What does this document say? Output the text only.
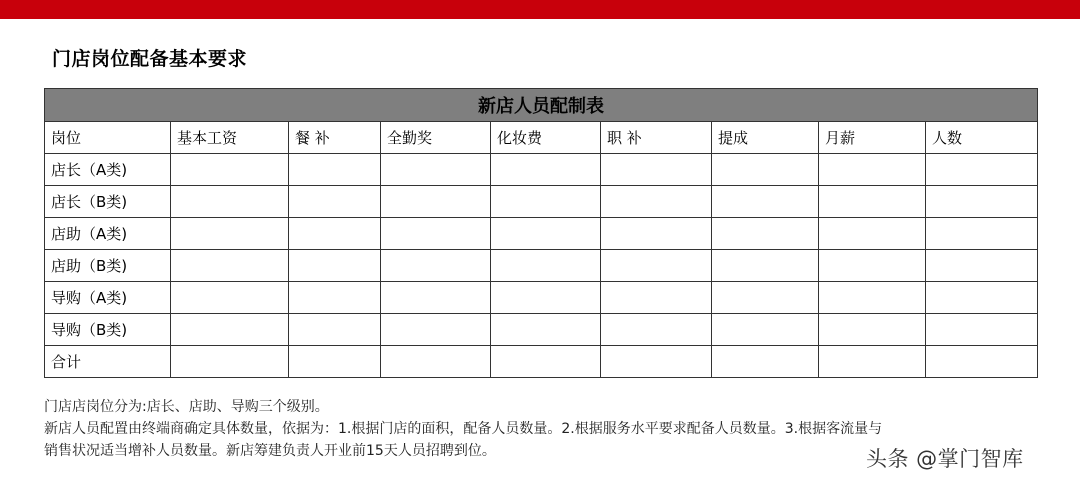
门店岗位配备基本要求
新店人员配制表								
岗位	基本工资	餐 补	全勤奖	化妆费	职 补	提成	月薪	人数
店长（A类)								
店长（B类)								
店助（A类)								
店助（B类)								
导购（A类)								
导购（B类)								
合计								

门店店岗位分为:店长、店助、导购三个级别。

新店人员配置由终端商确定具体数量，依据为：1.根据门店的面积，配备人员数量。2.根据服务水平要求配备人员数量。3.根据客流量与

销售状况适当增补人员数量。新店筹建负责人开业前15天人员招聘到位。	头条 @掌门智库
